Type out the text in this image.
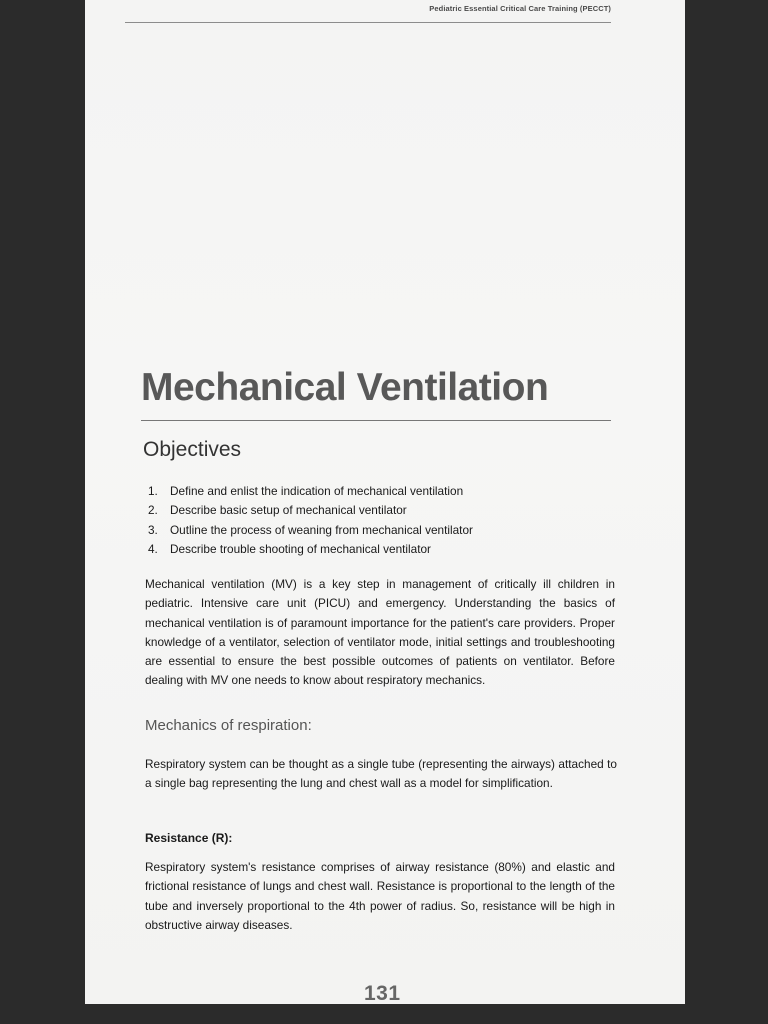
Pediatric Essential Critical Care Training (PECCT)
Mechanical Ventilation
Objectives
1. Define and enlist the indication of mechanical ventilation
2. Describe basic setup of mechanical ventilator
3. Outline the process of weaning from mechanical ventilator
4. Describe trouble shooting of mechanical ventilator

Mechanical ventilation (MV) is a key step in management of critically ill children in pediatric. Intensive care unit (PICU) and emergency. Understanding the basics of mechanical ventilation is of paramount importance for the patient's care providers. Proper knowledge of a ventilator, selection of ventilator mode, initial settings and troubleshooting are essential to ensure the best possible outcomes of patients on ventilator. Before dealing with MV one needs to know about respiratory mechanics.

Mechanics of respiration:

Respiratory system can be thought as a single tube (representing the airways) attached to a single bag representing the lung and chest wall as a model for simplification.

Resistance (R):

Respiratory system's resistance comprises of airway resistance (80%) and elastic and frictional resistance of lungs and chest wall. Resistance is proportional to the length of the tube and inversely proportional to the 4th power of radius. So, resistance will be high in obstructive airway diseases.

131
